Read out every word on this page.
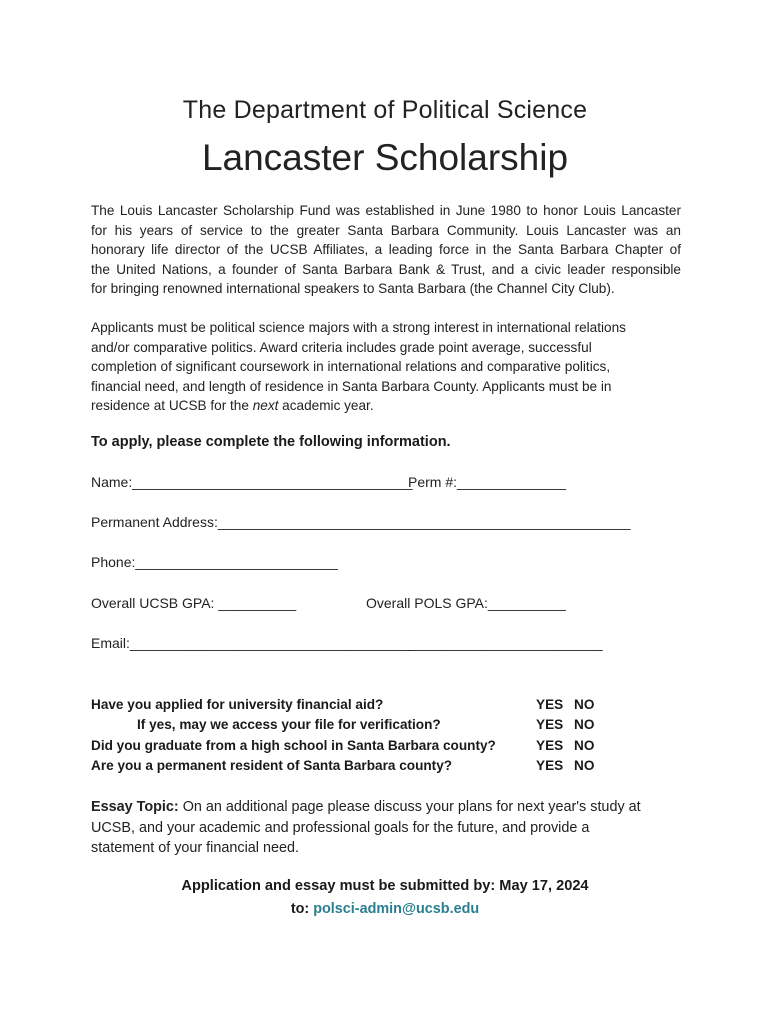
The Department of Political Science
Lancaster Scholarship
The Louis Lancaster Scholarship Fund was established in June 1980 to honor Louis Lancaster
for his years of service to the greater Santa Barbara Community. Louis Lancaster was an
honorary life director of the UCSB Affiliates, a leading force in the Santa Barbara Chapter of
the United Nations, a founder of Santa Barbara Bank & Trust, and a civic leader responsible
for bringing renowned international speakers to Santa Barbara (the Channel City Club).
Applicants must be political science majors with a strong interest in international relations
and/or comparative politics. Award criteria includes grade point average, successful
completion of significant coursework in international relations and comparative politics,
financial need, and length of residence in Santa Barbara County. Applicants must be in
residence at UCSB for the next academic year.
To apply, please complete the following information.
Name:____________________________________
Perm #:______________
Permanent Address:_____________________________________________________
Phone:__________________________
Overall UCSB GPA: __________	Overall POLS GPA:__________
Email:____________________________________
_________________________
Have you applied for university financial aid?	YES NO
If yes, may we access your file for verification?	YES NO
Did you graduate from a high school in Santa Barbara county?	YES NO
Are you a permanent resident of Santa Barbara county?	YES NO
Essay Topic: On an additional page please discuss your plans for next year's study at
UCSB, and your academic and professional goals for the future, and provide a
statement of your financial need.
Application and essay must be submitted by: May 17, 2024
to: polsci-admin@ucsb.edu
